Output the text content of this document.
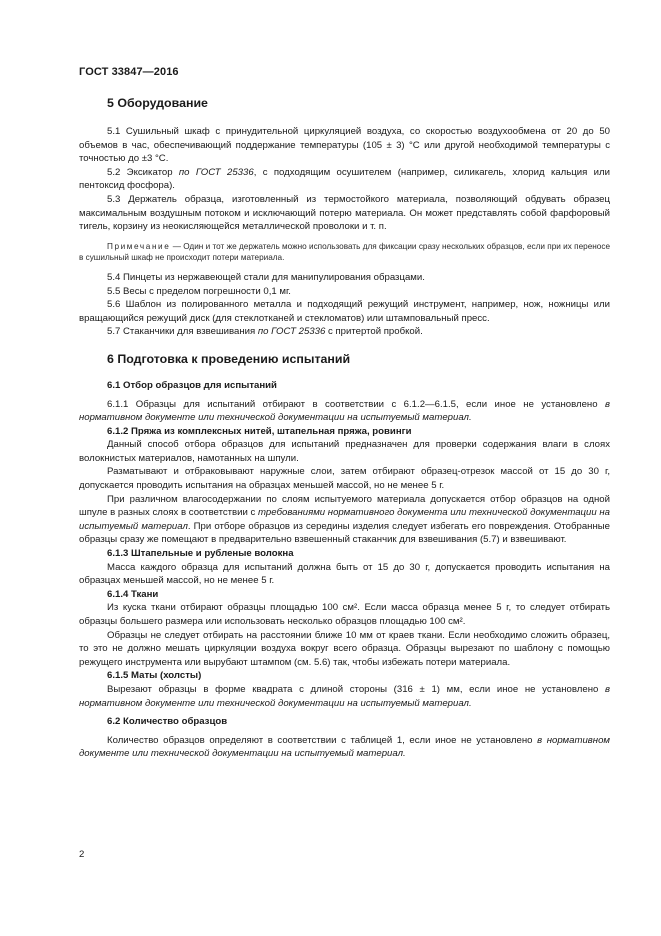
ГОСТ 33847—2016
5 Оборудование

5.1 Сушильный шкаф с принудительной циркуляцией воздуха, со скоростью воздухообмена от 20 до 50 объемов в час, обеспечивающий поддержание температуры (105 ± 3) °С или другой необходимой температуры с точностью до ±3 °С.

5.2 Эксикатор по ГОСТ 25336, с подходящим осушителем (например, силикагель, хлорид кальция или пентоксид фосфора).

5.3 Держатель образца, изготовленный из термостойкого материала, позволяющий обдувать образец максимальным воздушным потоком и исключающий потерю материала. Он может представлять собой фарфоровый тигель, корзину из неокисляющейся металлической проволоки и т. п.

Примечание — Один и тот же держатель можно использовать для фиксации сразу нескольких образцов, если при их переносе в сушильный шкаф не происходит потери материала.

5.4 Пинцеты из нержавеющей стали для манипулирования образцами.

5.5 Весы с пределом погрешности 0,1 мг.

5.6 Шаблон из полированного металла и подходящий режущий инструмент, например, нож, ножницы или вращающийся режущий диск (для стеклотканей и стекломатов) или штамповальный пресс.

5.7 Стаканчики для взвешивания по ГОСТ 25336 с притертой пробкой.

6 Подготовка к проведению испытаний
6.1 Отбор образцов для испытаний

6.1.1 Образцы для испытаний отбирают в соответствии с 6.1.2—6.1.5, если иное не установлено в нормативном документе или технической документации на испытуемый материал.

6.1.2 Пряжа из комплексных нитей, штапельная пряжа, ровинги

Данный способ отбора образцов для испытаний предназначен для проверки содержания влаги в слоях волокнистых материалов, намотанных на шпули.

Разматывают и отбраковывают наружные слои, затем отбирают образец-отрезок массой от 15 до 30 г, допускается проводить испытания на образцах меньшей массой, но не менее 5 г.

При различном влагосодержании по слоям испытуемого материала допускается отбор образцов на одной шпуле в разных слоях в соответствии с требованиями нормативного документа или технической документации на испытуемый материал. При отборе образцов из середины изделия следует избегать его повреждения. Отобранные образцы сразу же помещают в предварительно взвешенный стаканчик для взвешивания (5.7) и взвешивают.

6.1.3 Штапельные и рубленые волокна

Масса каждого образца для испытаний должна быть от 15 до 30 г, допускается проводить испытания на образцах меньшей массой, но не менее 5 г.

6.1.4 Ткани

Из куска ткани отбирают образцы площадью 100 см². Если масса образца менее 5 г, то следует отбирать образцы большего размера или использовать несколько образцов площадью 100 см².

Образцы не следует отбирать на расстоянии ближе 10 мм от краев ткани. Если необходимо сложить образец, то это не должно мешать циркуляции воздуха вокруг всего образца. Образцы вырезают по шаблону с помощью режущего инструмента или вырубают штампом (см. 5.6) так, чтобы избежать потери материала.

6.1.5 Маты (холсты)

Вырезают образцы в форме квадрата с длиной стороны (316 ± 1) мм, если иное не установлено в нормативном документе или технической документации на испытуемый материал.

6.2 Количество образцов

Количество образцов определяют в соответствии с таблицей 1, если иное не установлено в нормативном документе или технической документации на испытуемый материал.

2
